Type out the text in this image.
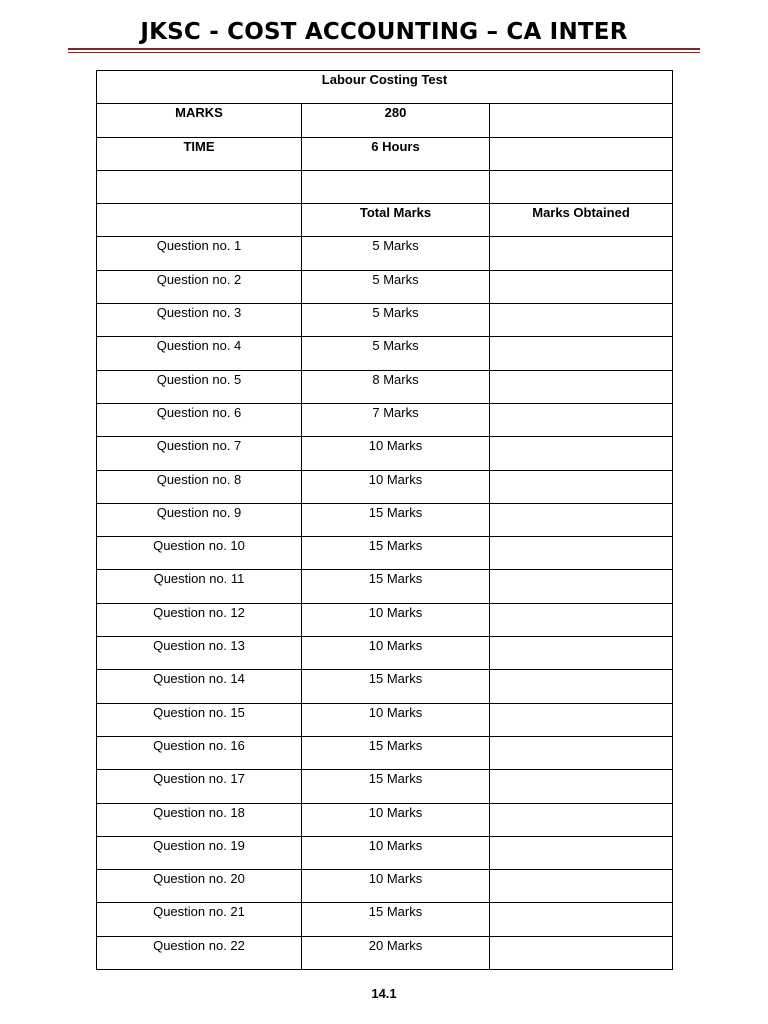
JKSC - COST ACCOUNTING – CA INTER
Labour Costing Test		

MARKS	280	

TIME	6 Hours	

	Total Marks	Marks Obtained

Question no. 1	5 Marks	

Question no. 2	5 Marks	

Question no. 3	5 Marks	

Question no. 4	5 Marks	

Question no. 5	8 Marks	

Question no. 6	7 Marks	

Question no. 7	10 Marks	

Question no. 8	10 Marks	

Question no. 9	15 Marks	

Question no. 10	15 Marks	

Question no. 11	15 Marks	

Question no. 12	10 Marks	

Question no. 13	10 Marks	

Question no. 14	15 Marks	

Question no. 15	10 Marks	

Question no. 16	15 Marks	

Question no. 17	15 Marks	

Question no. 18	10 Marks	

Question no. 19	10 Marks	

Question no. 20	10 Marks	

Question no. 21	15 Marks	

Question no. 22	20 Marks	

14.1
